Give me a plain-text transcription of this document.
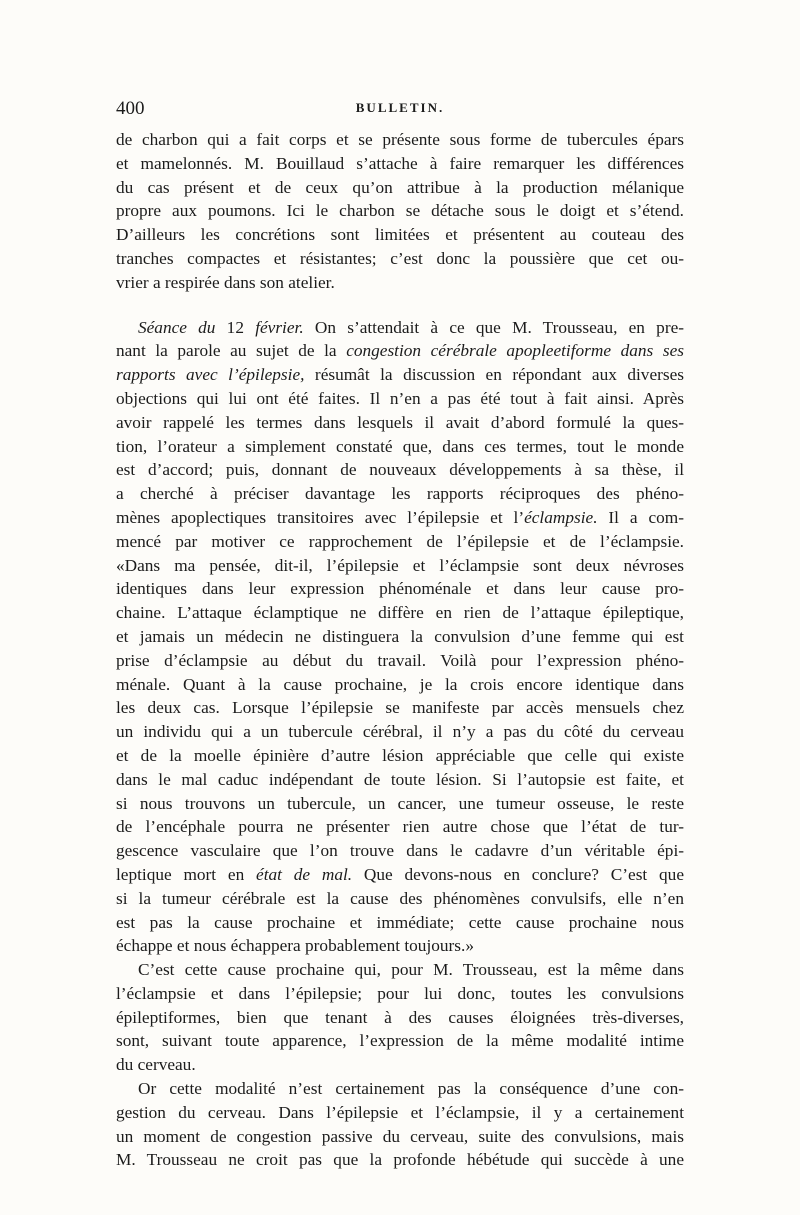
400	BULLETIN.
de charbon qui a fait corps et se présente sous forme de tubercules épars
et mamelonnés. M. Bouillaud s’attache à faire remarquer les différences
du cas présent et de ceux qu’on attribue à la production mélanique
propre aux poumons. Ici le charbon se détache sous le doigt et s’étend.
D’ailleurs les concrétions sont limitées et présentent au couteau des
tranches compactes et résistantes; c’est donc la poussière que cet ou-
vrier a respirée dans son atelier.
Séance du 12 février. On s’attendait à ce que M. Trousseau, en pre-
nant la parole au sujet de la congestion cérébrale apopleetiforme dans ses
rapports avec l’épilepsie, résumât la discussion en répondant aux diverses
objections qui lui ont été faites. Il n’en a pas été tout à fait ainsi. Après
avoir rappelé les termes dans lesquels il avait d’abord formulé la ques-
tion, l’orateur a simplement constaté que, dans ces termes, tout le monde
est d’accord; puis, donnant de nouveaux développements à sa thèse, il
a cherché à préciser davantage les rapports réciproques des phéno-
mènes apoplectiques transitoires avec l’épilepsie et l’éclampsie. Il a com-
mencé par motiver ce rapprochement de l’épilepsie et de l’éclampsie.
«Dans ma pensée, dit-il, l’épilepsie et l’éclampsie sont deux névroses
identiques dans leur expression phénoménale et dans leur cause pro-
chaine. L’attaque éclamptique ne diffère en rien de l’attaque épileptique,
et jamais un médecin ne distinguera la convulsion d’une femme qui est
prise d’éclampsie au début du travail. Voilà pour l’expression phéno-
ménale. Quant à la cause prochaine, je la crois encore identique dans
les deux cas. Lorsque l’épilepsie se manifeste par accès mensuels chez
un individu qui a un tubercule cérébral, il n’y a pas du côté du cerveau
et de la moelle épinière d’autre lésion appréciable que celle qui existe
dans le mal caduc indépendant de toute lésion. Si l’autopsie est faite, et
si nous trouvons un tubercule, un cancer, une tumeur osseuse, le reste
de l’encéphale pourra ne présenter rien autre chose que l’état de tur-
gescence vasculaire que l’on trouve dans le cadavre d’un véritable épi-
leptique mort en état de mal. Que devons-nous en conclure? C’est que
si la tumeur cérébrale est la cause des phénomènes convulsifs, elle n’en
est pas la cause prochaine et immédiate; cette cause prochaine nous
échappe et nous échappera probablement toujours.»
C’est cette cause prochaine qui, pour M. Trousseau, est la même dans
l’éclampsie et dans l’épilepsie; pour lui donc, toutes les convulsions
épileptiformes, bien que tenant à des causes éloignées très-diverses,
sont, suivant toute apparence, l’expression de la même modalité intime
du cerveau.
Or cette modalité n’est certainement pas la conséquence d’une con-
gestion du cerveau. Dans l’épilepsie et l’éclampsie, il y a certainement
un moment de congestion passive du cerveau, suite des convulsions, mais
M. Trousseau ne croit pas que la profonde hébétude qui succède à une
